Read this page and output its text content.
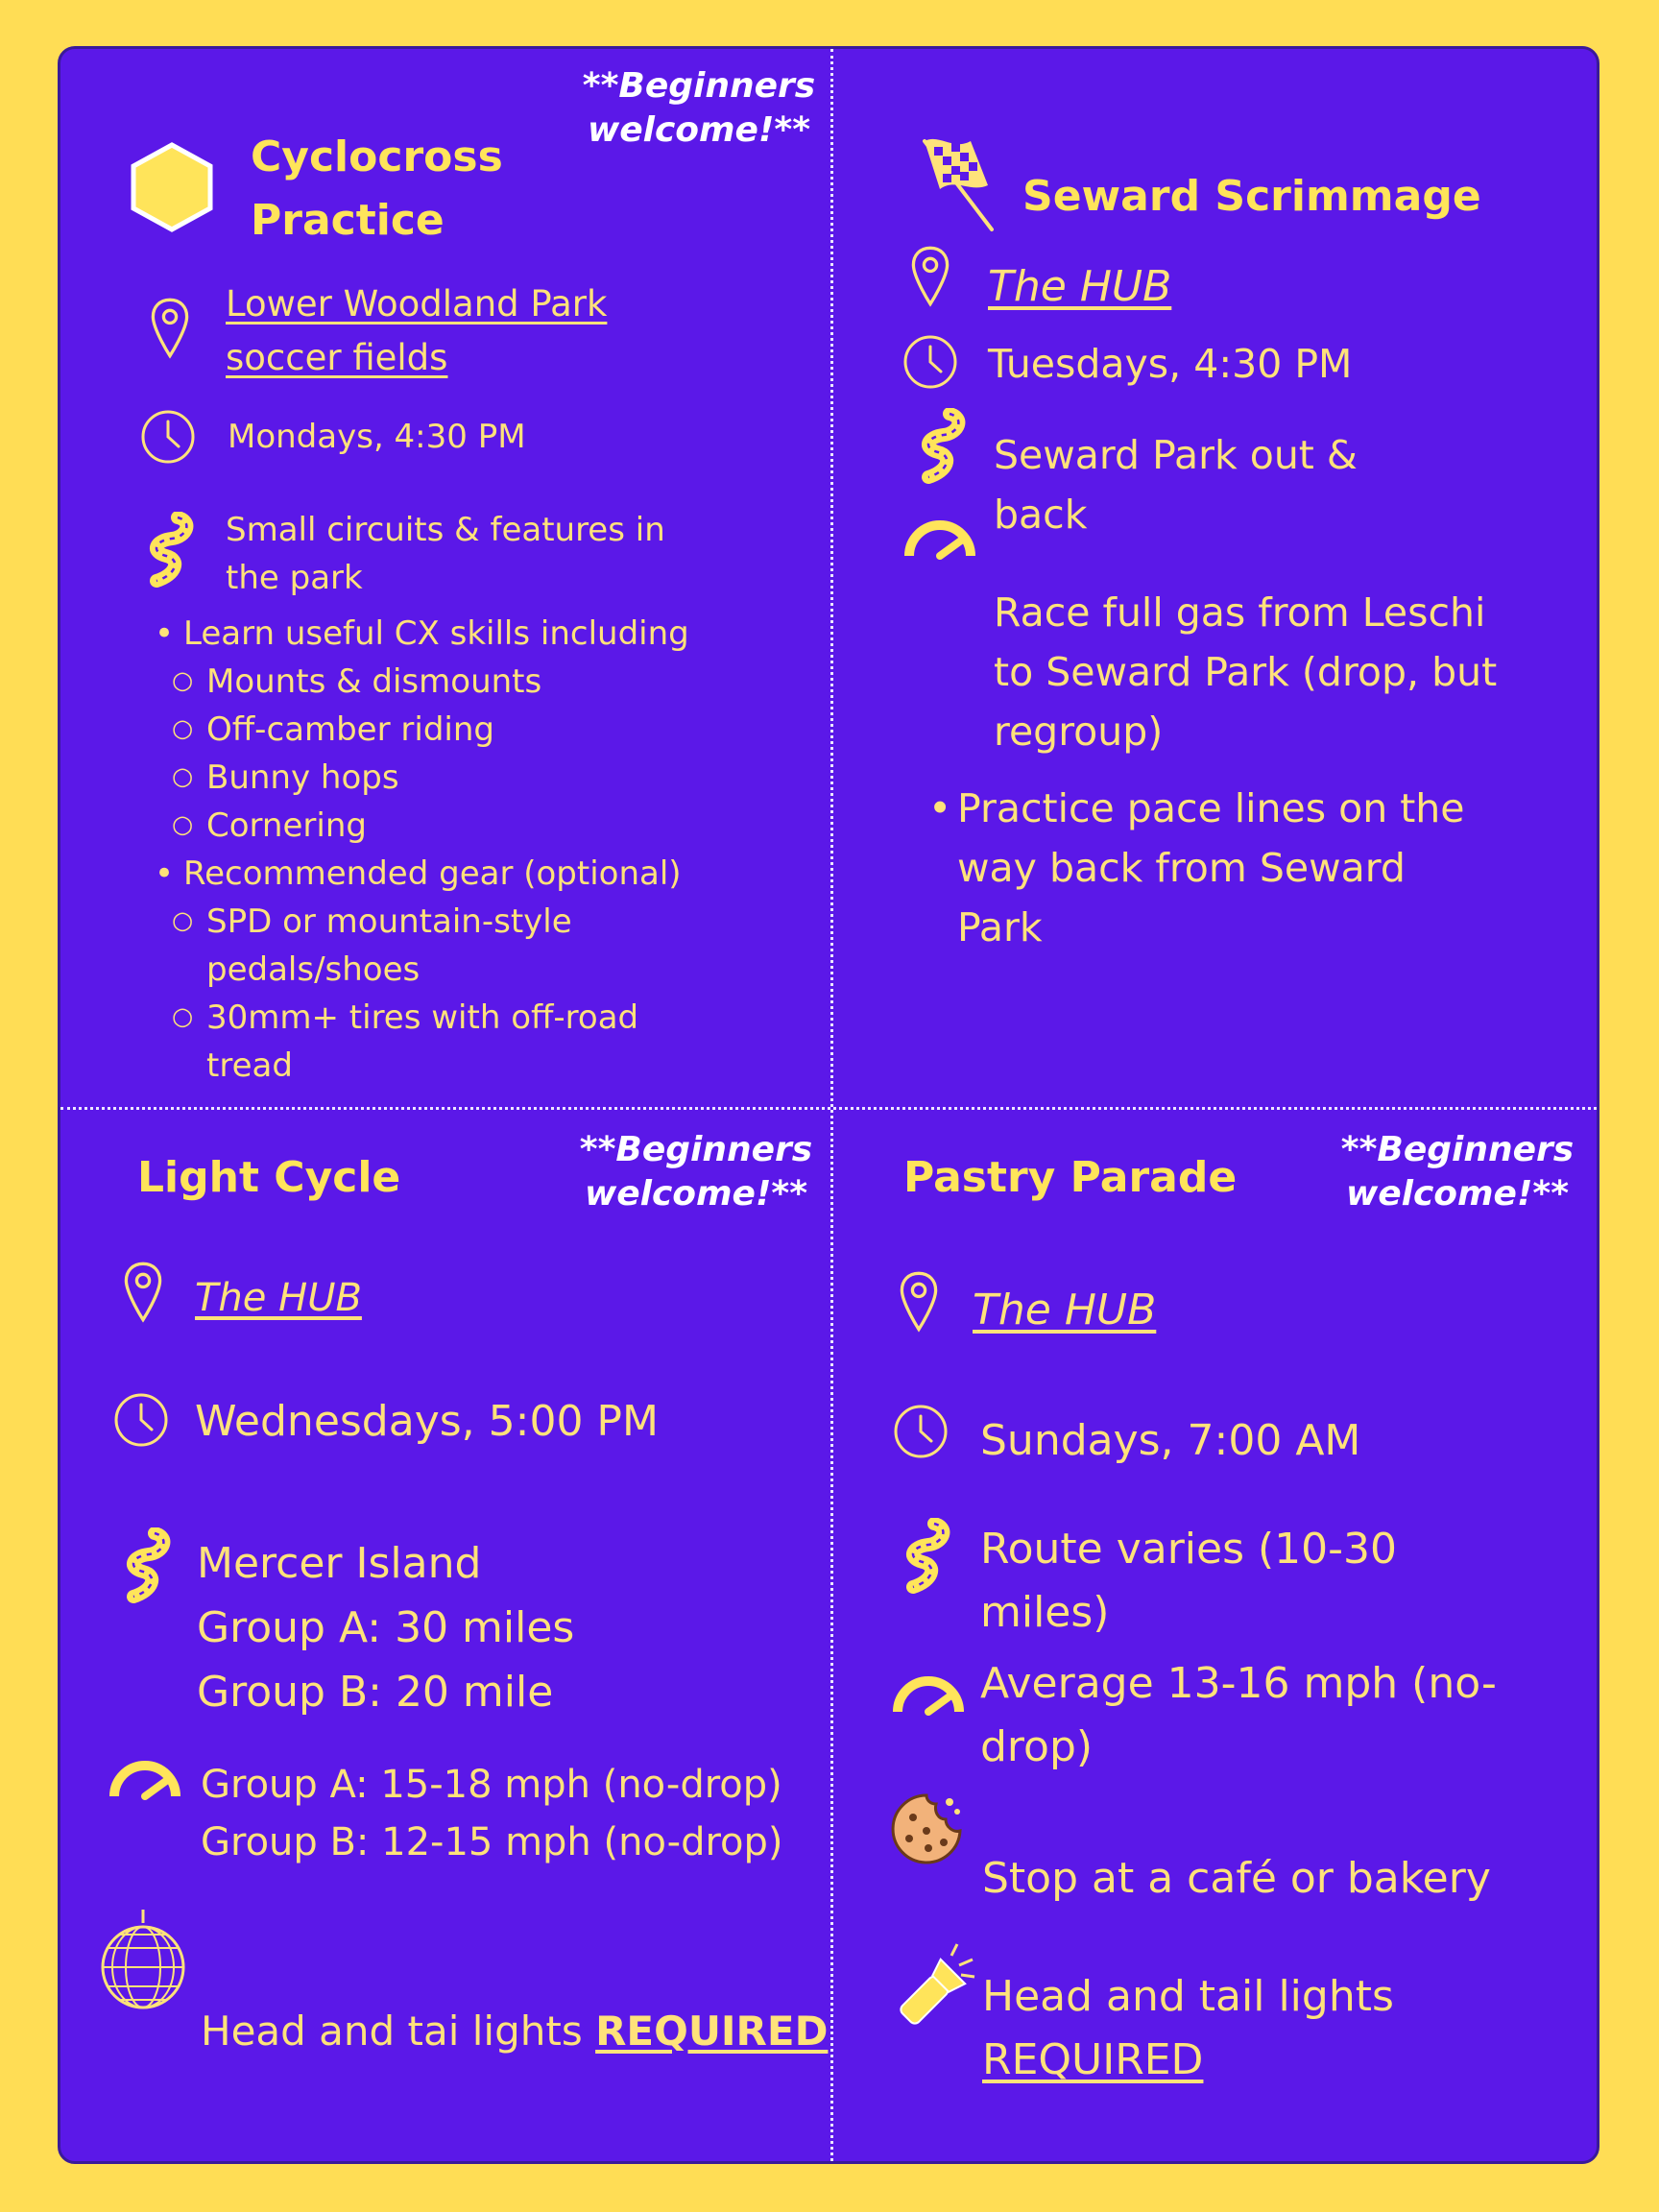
Cyclocross
Practice
**Beginners
welcome!**
Lower Woodland Park
soccer fields
Mondays, 4:30 PM
Small circuits & features in
the park
• Learn useful CX skills including
○ Mounts & dismounts
○ Off-camber riding
○ Bunny hops
○ Cornering
• Recommended gear (optional)
○ SPD or mountain-style
pedals/shoes
○ 30mm+ tires with off-road
tread
Seward Scrimmage
The HUB
Tuesdays, 4:30 PM
Seward Park out &
back
Race full gas from Leschi
to Seward Park (drop, but
regroup)
• Practice pace lines on the
way back from Seward
Park
Light Cycle
**Beginners
welcome!**
The HUB
Wednesdays, 5:00 PM
Mercer Island
Group A: 30 miles
Group B: 20 mile
Group A: 15-18 mph (no-drop)
Group B: 12-15 mph (no-drop)
Head and tai lights REQUIRED
Pastry Parade
**Beginners
welcome!**
The HUB
Sundays, 7:00 AM
Route varies (10-30
miles)
Average 13-16 mph (no-
drop)
Stop at a café or bakery
Head and tail lights
REQUIRED
